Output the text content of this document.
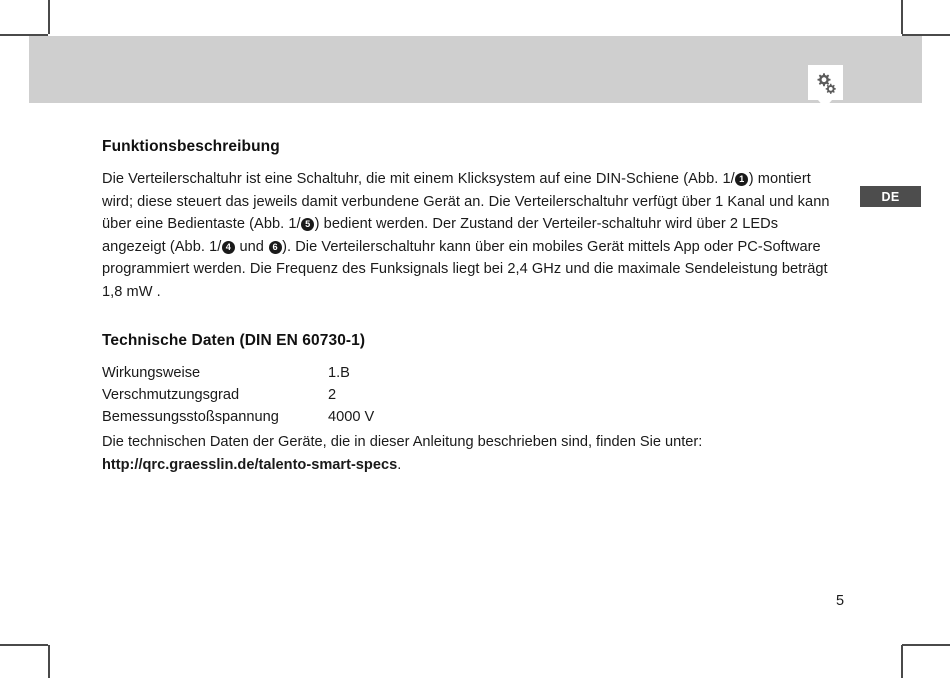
DE
Funktionsbeschreibung

Die Verteilerschaltuhr ist eine Schaltuhr, die mit einem Klicksystem auf eine DIN-Schiene (Abb. 1/ 1 ) montiert wird; diese steuert das jeweils damit verbundene Gerät an. Die Verteilerschaltuhr verfügt über 1 Kanal und kann über eine Bedientaste (Abb. 1/ 5 ) bedient werden. Der Zustand der Verteiler-schaltuhr wird über 2 LEDs angezeigt (Abb. 1/ 4 und 6 ). Die Verteilerschaltuhr kann über ein mobiles Gerät mittels App oder PC-Software programmiert werden. Die Frequenz des Funksignals liegt bei 2,4 GHz und die maximale Sendeleistung beträgt 1,8 mW .

Technische Daten (DIN EN 60730-1)
Wirkungsweise	1.B
Verschmutzungsgrad	2
Bemessungsstoßspannung	4000 V

Die technischen Daten der Geräte, die in dieser Anleitung beschrieben sind, finden Sie unter:
http://qrc.graesslin.de/talento-smart-specs.

5
